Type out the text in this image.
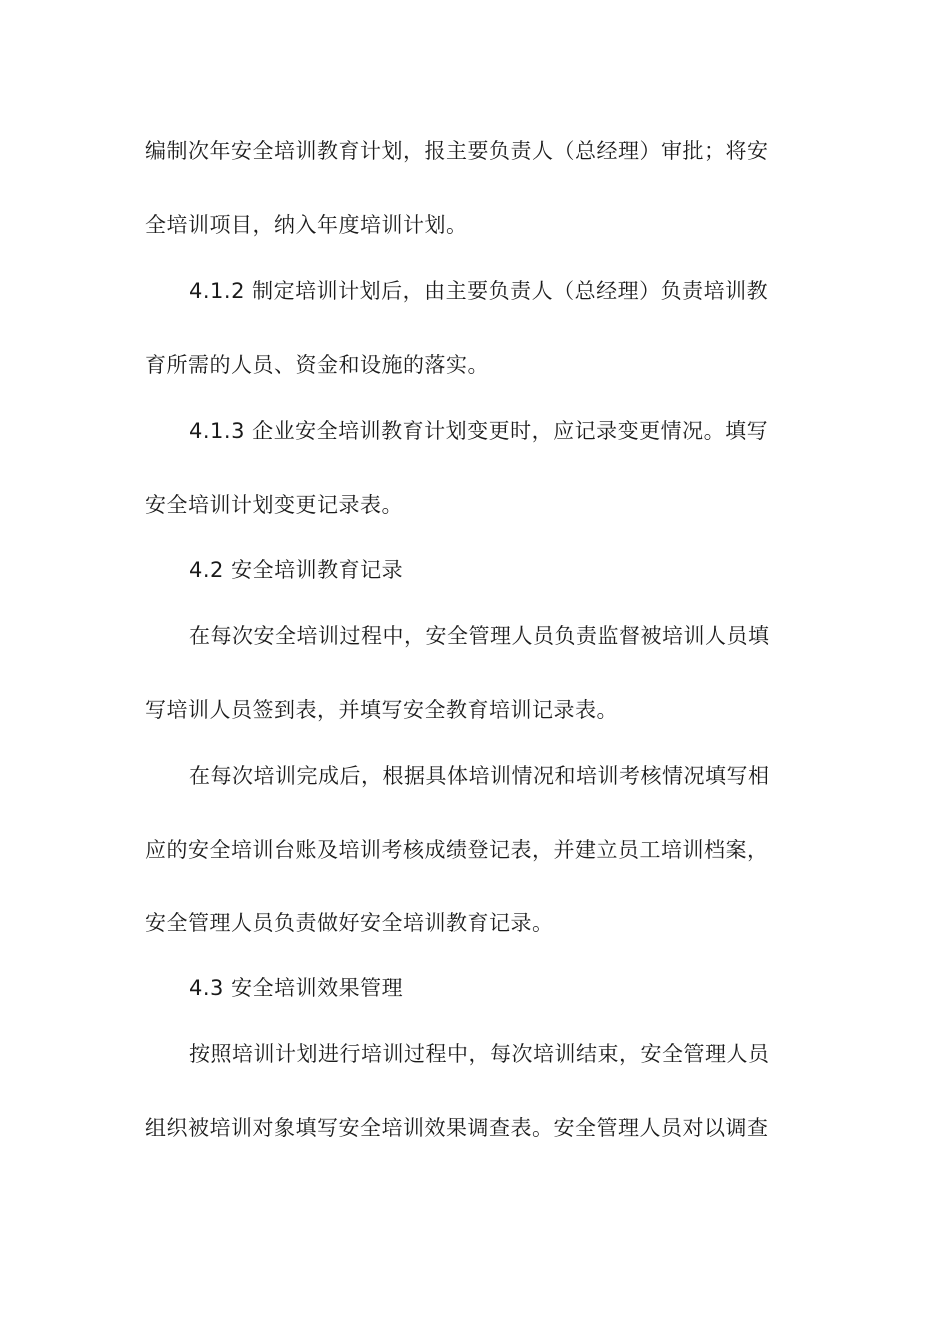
编制次年安全培训教育计划，报主要负责人（总经理）审批；将安
全培训项目，纳入年度培训计划。
4.1.2 制定培训计划后，由主要负责人（总经理）负责培训教
育所需的人员、资金和设施的落实。
4.1.3 企业安全培训教育计划变更时，应记录变更情况。填写
安全培训计划变更记录表。
4.2 安全培训教育记录
在每次安全培训过程中，安全管理人员负责监督被培训人员填
写培训人员签到表，并填写安全教育培训记录表。
在每次培训完成后，根据具体培训情况和培训考核情况填写相
应的安全培训台账及培训考核成绩登记表，并建立员工培训档案，
安全管理人员负责做好安全培训教育记录。
4.3 安全培训效果管理
按照培训计划进行培训过程中，每次培训结束，安全管理人员
组织被培训对象填写安全培训效果调查表。安全管理人员对以调查
